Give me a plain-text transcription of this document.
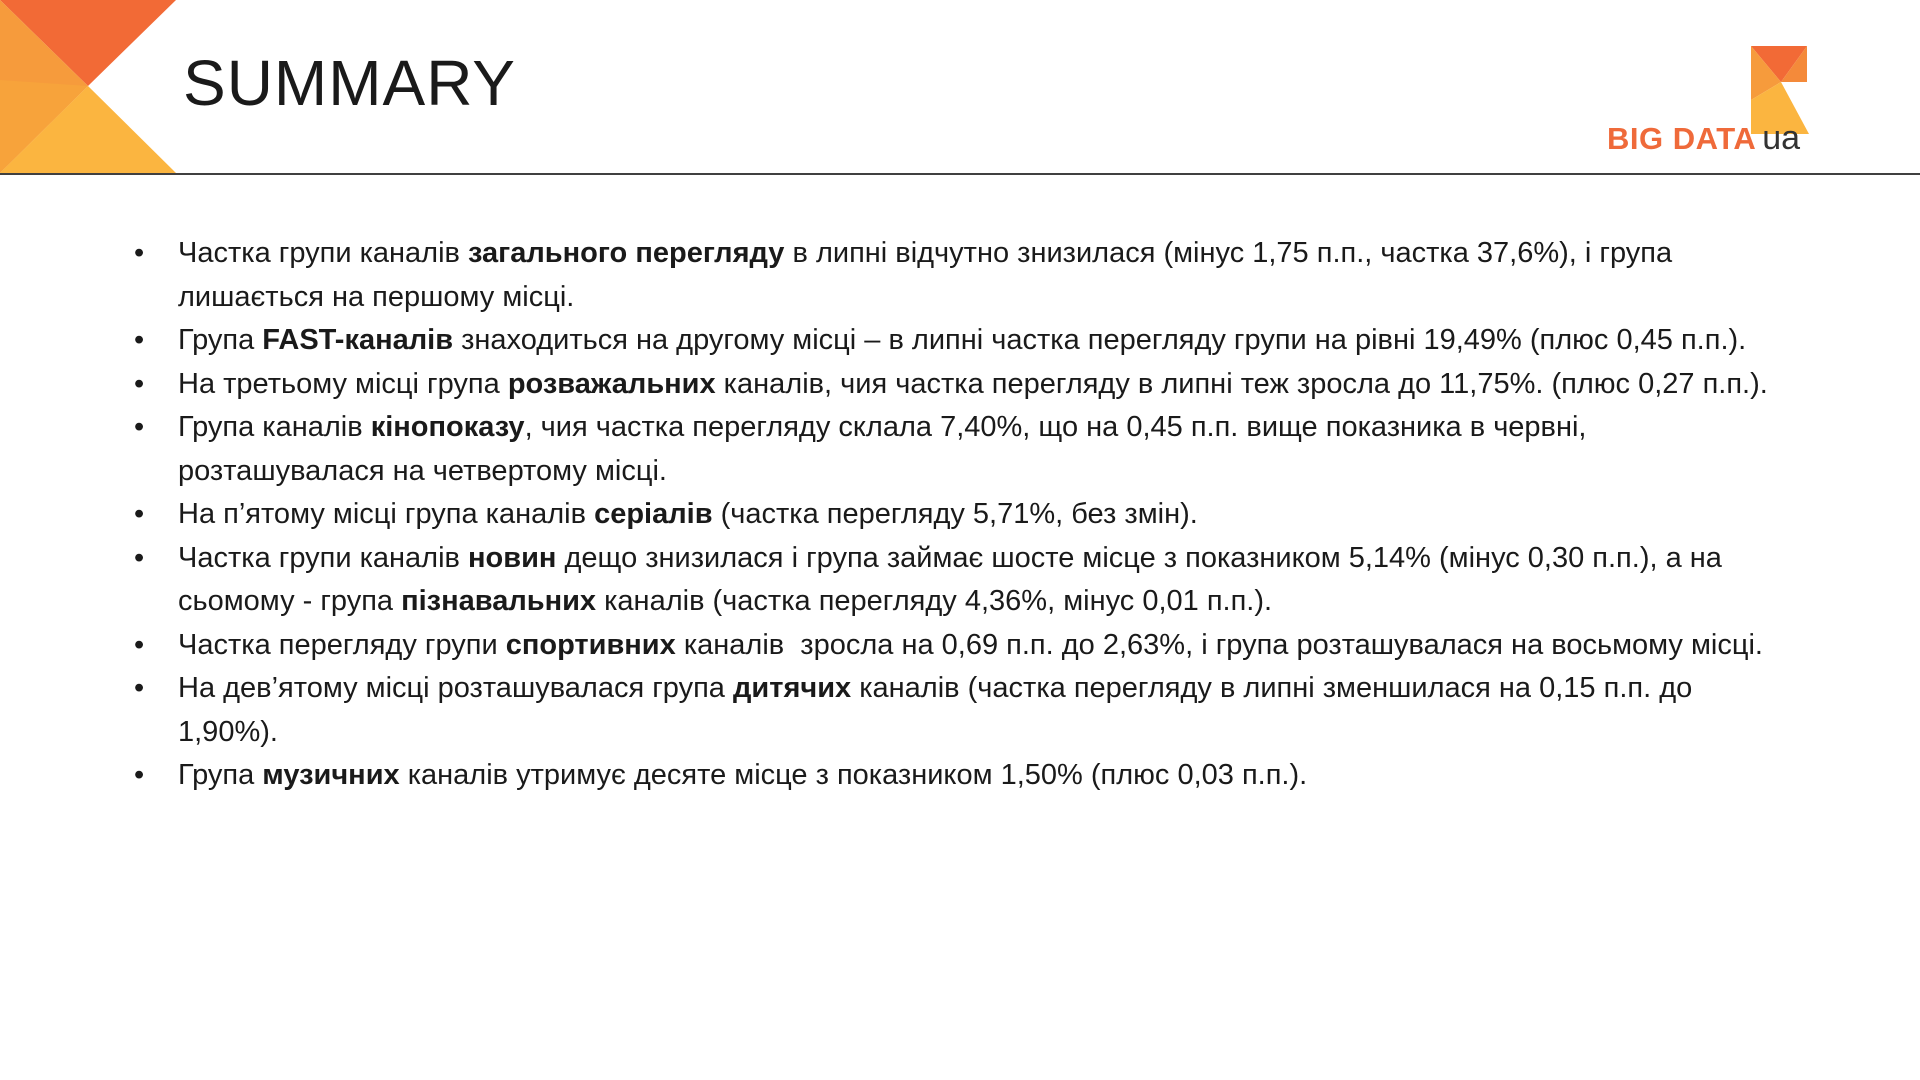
SUMMARY
BIG DATA ua
• Частка групи каналів загального перегляду в липні відчутно знизилася (мінус 1,75 п.п., частка 37,6%), і група лишається на першому місці.
• Група FAST-каналів знаходиться на другому місці – в липні частка перегляду групи на рівні 19,49% (плюс 0,45 п.п.).
• На третьому місці група розважальних каналів, чия частка перегляду в липні теж зросла до 11,75%. (плюс 0,27 п.п.).
• Група каналів кінопоказу, чия частка перегляду склала 7,40%, що на 0,45 п.п. вище показника в червні, розташувалася на четвертому місці.
• На п’ятому місці група каналів серіалів (частка перегляду 5,71%, без змін).
• Частка групи каналів новин дещо знизилася і група займає шосте місце з показником 5,14% (мінус 0,30 п.п.), а на сьомому - група пізнавальних каналів (частка перегляду 4,36%, мінус 0,01 п.п.).
• Частка перегляду групи спортивних каналів  зросла на 0,69 п.п. до 2,63%, і група розташувалася на восьмому місці.
• На дев’ятому місці розташувалася група дитячих каналів (частка перегляду в липні зменшилася на 0,15 п.п. до 1,90%).
• Група музичних каналів утримує десяте місце з показником 1,50% (плюс 0,03 п.п.).
